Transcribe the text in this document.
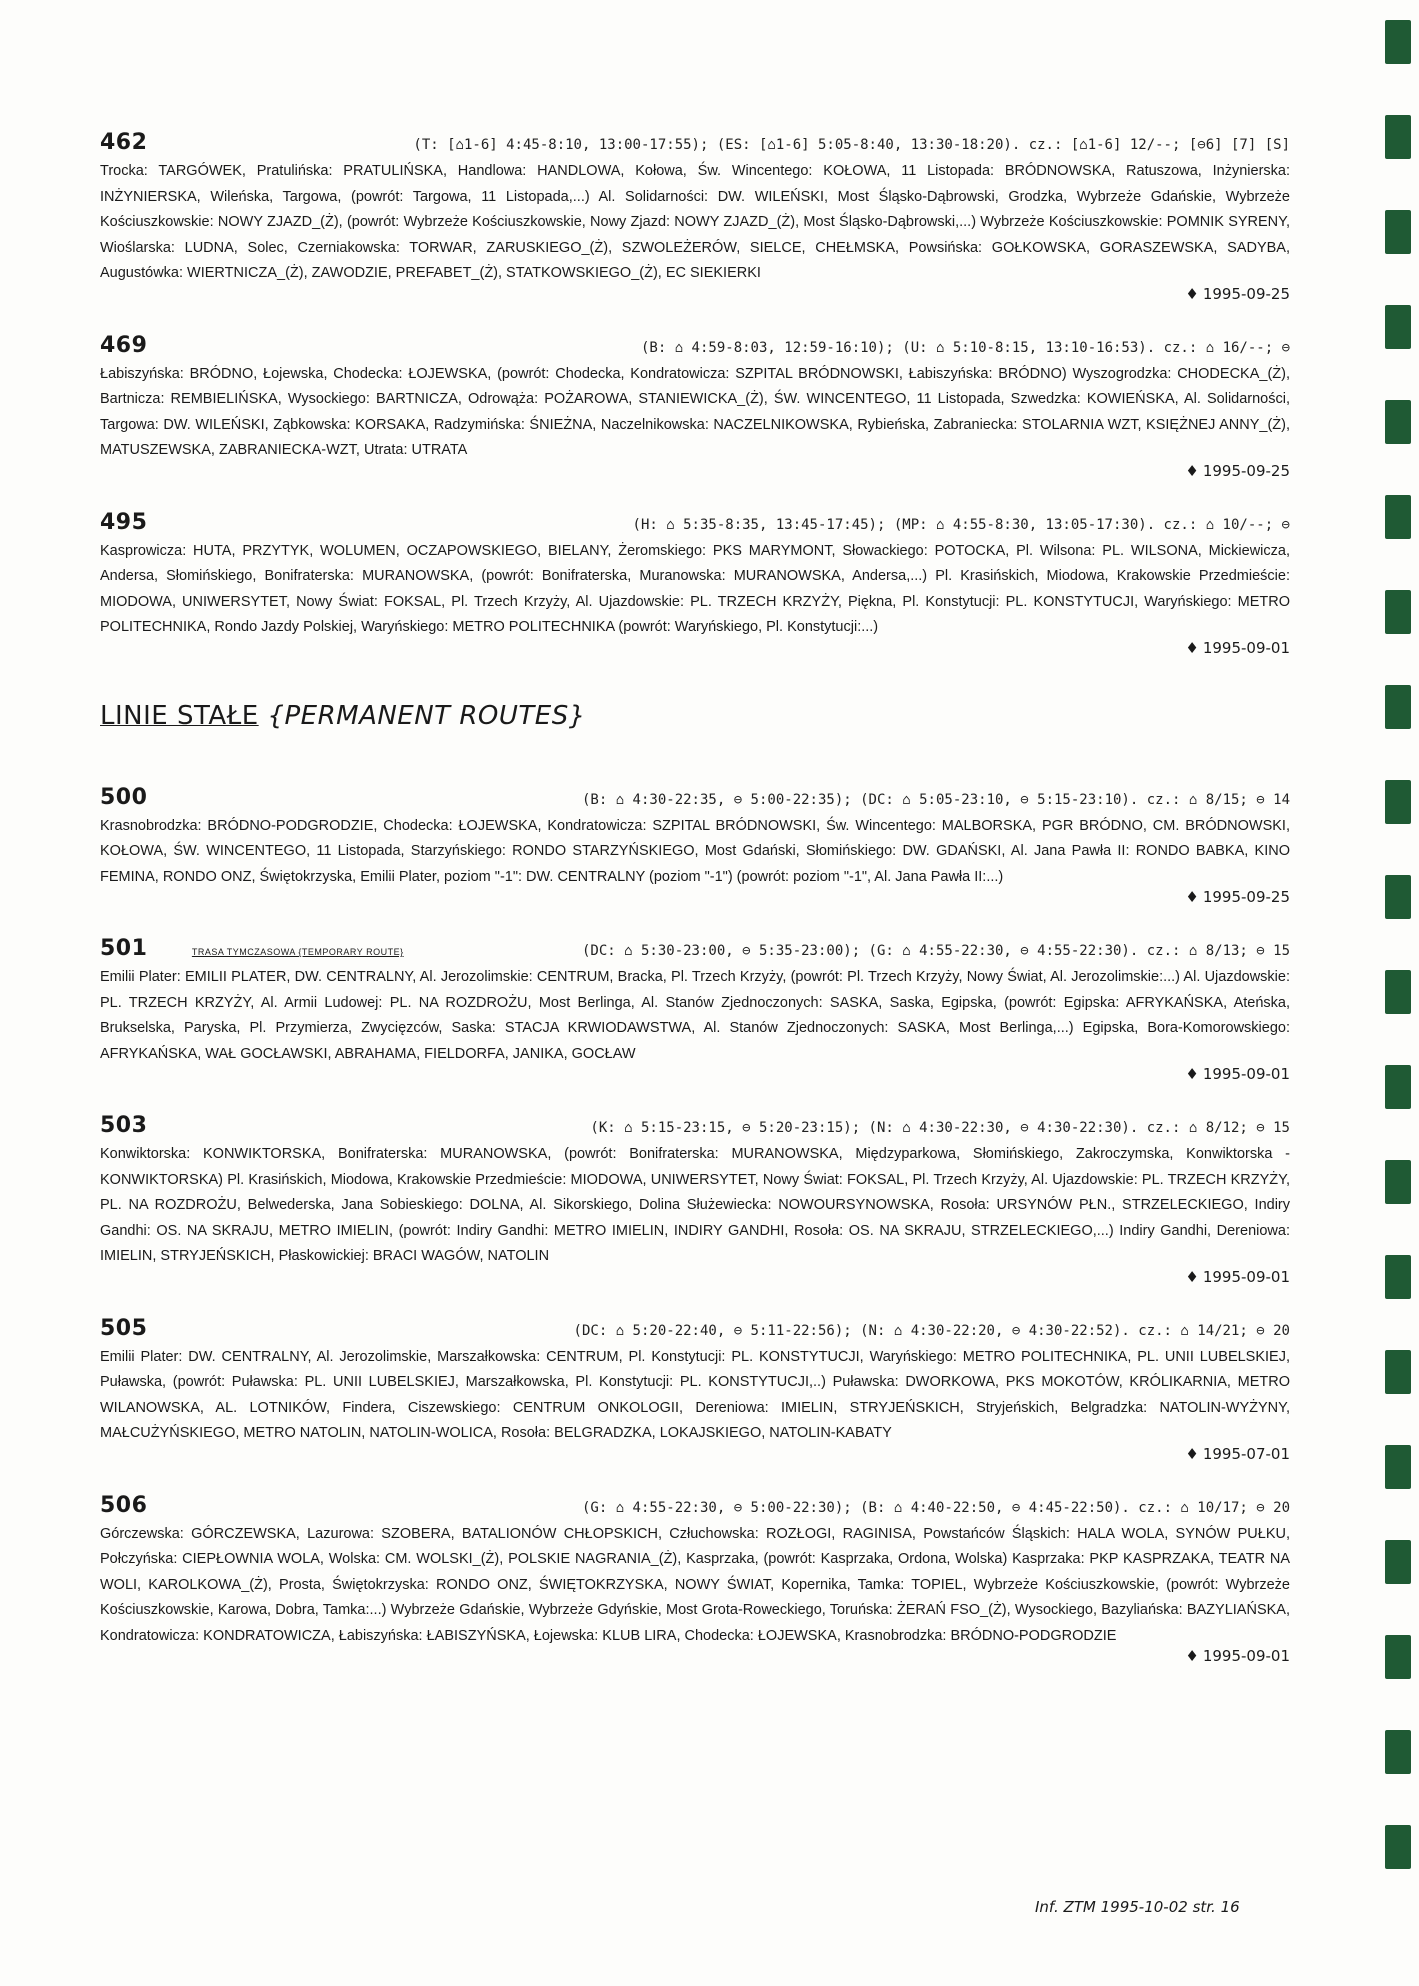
462	(T: [⌂1-6] 4:45-8:10, 13:00-17:55); (ES: [⌂1-6] 5:05-8:40, 13:30-18:20). cz.: [⌂1-6] 12/--; [⊖6] [7] [S]
Trocka: TARGÓWEK, Pratulińska: PRATULIŃSKA, Handlowa: HANDLOWA, Kołowa, Św. Wincentego: KOŁOWA, 11 Listopada: BRÓDNOWSKA, Ratuszowa, Inżynierska: INŻYNIERSKA, Wileńska, Targowa, (powrót: Targowa, 11 Listopada,...) Al. Solidarności: DW. WILEŃSKI, Most Śląsko-Dąbrowski, Grodzka, Wybrzeże Gdańskie, Wybrzeże Kościuszkowskie: NOWY ZJAZD_(Ż), (powrót: Wybrzeże Kościuszkowskie, Nowy Zjazd: NOWY ZJAZD_(Ż), Most Śląsko-Dąbrowski,...) Wybrzeże Kościuszkowskie: POMNIK SYRENY, Wioślarska: LUDNA, Solec, Czerniakowska: TORWAR, ZARUSKIEGO_(Ż), SZWOLEŻERÓW, SIELCE, CHEŁMSKA, Powsińska: GOŁKOWSKA, GORASZEWSKA, SADYBA, Augustówka: WIERTNICZA_(Ż), ZAWODZIE, PREFABET_(Ż), STATKOWSKIEGO_(Ż), EC SIEKIERKI
♦ 1995-09-25
469	(B: ⌂ 4:59-8:03, 12:59-16:10); (U: ⌂ 5:10-8:15, 13:10-16:53). cz.: ⌂ 16/--; ⊖
Łabiszyńska: BRÓDNO, Łojewska, Chodecka: ŁOJEWSKA, (powrót: Chodecka, Kondratowicza: SZPITAL BRÓDNOWSKI, Łabiszyńska: BRÓDNO) Wyszogrodzka: CHODECKA_(Ż), Bartnicza: REMBIELIŃSKA, Wysockiego: BARTNICZA, Odrowąża: POŻAROWA, STANIEWICKA_(Ż), ŚW. WINCENTEGO, 11 Listopada, Szwedzka: KOWIEŃSKA, Al. Solidarności, Targowa: DW. WILEŃSKI, Ząbkowska: KORSAKA, Radzymińska: ŚNIEŻNA, Naczelnikowska: NACZELNIKOWSKA, Rybieńska, Zabraniecka: STOLARNIA WZT, KSIĘŻNEJ ANNY_(Ż), MATUSZEWSKA, ZABRANIECKA-WZT, Utrata: UTRATA
♦ 1995-09-25
495	(H: ⌂ 5:35-8:35, 13:45-17:45); (MP: ⌂ 4:55-8:30, 13:05-17:30). cz.: ⌂ 10/--; ⊖
Kasprowicza: HUTA, PRZYTYK, WOLUMEN, OCZAPOWSKIEGO, BIELANY, Żeromskiego: PKS MARYMONT, Słowackiego: POTOCKA, Pl. Wilsona: PL. WILSONA, Mickiewicza, Andersa, Słomińskiego, Bonifraterska: MURANOWSKA, (powrót: Bonifraterska, Muranowska: MURANOWSKA, Andersa,...) Pl. Krasińskich, Miodowa, Krakowskie Przedmieście: MIODOWA, UNIWERSYTET, Nowy Świat: FOKSAL, Pl. Trzech Krzyży, Al. Ujazdowskie: PL. TRZECH KRZYŻY, Piękna, Pl. Konstytucji: PL. KONSTYTUCJI, Waryńskiego: METRO POLITECHNIKA, Rondo Jazdy Polskiej, Waryńskiego: METRO POLITECHNIKA (powrót: Waryńskiego, Pl. Konstytucji:...)
♦ 1995-09-01
LINIE STAŁE {PERMANENT ROUTES}
500	(B: ⌂ 4:30-22:35, ⊖ 5:00-22:35); (DC: ⌂ 5:05-23:10, ⊖ 5:15-23:10). cz.: ⌂ 8/15; ⊖ 14
Krasnobrodzka: BRÓDNO-PODGRODZIE, Chodecka: ŁOJEWSKA, Kondratowicza: SZPITAL BRÓDNOWSKI, Św. Wincentego: MALBORSKA, PGR BRÓDNO, CM. BRÓDNOWSKI, KOŁOWA, ŚW. WINCENTEGO, 11 Listopada, Starzyńskiego: RONDO STARZYŃSKIEGO, Most Gdański, Słomińskiego: DW. GDAŃSKI, Al. Jana Pawła II: RONDO BABKA, KINO FEMINA, RONDO ONZ, Świętokrzyska, Emilii Plater, poziom "-1": DW. CENTRALNY (poziom "-1") (powrót: poziom "-1", Al. Jana Pawła II:...)
♦ 1995-09-25
501	TRASA TYMCZASOWA {TEMPORARY ROUTE}	(DC: ⌂ 5:30-23:00, ⊖ 5:35-23:00); (G: ⌂ 4:55-22:30, ⊖ 4:55-22:30). cz.: ⌂ 8/13; ⊖ 15
Emilii Plater: EMILII PLATER, DW. CENTRALNY, Al. Jerozolimskie: CENTRUM, Bracka, Pl. Trzech Krzyży, (powrót: Pl. Trzech Krzyży, Nowy Świat, Al. Jerozolimskie:...) Al. Ujazdowskie: PL. TRZECH KRZYŻY, Al. Armii Ludowej: PL. NA ROZDROŻU, Most Berlinga, Al. Stanów Zjednoczonych: SASKA, Saska, Egipska, (powrót: Egipska: AFRYKAŃSKA, Ateńska, Brukselska, Paryska, Pl. Przymierza, Zwycięzców, Saska: STACJA KRWIODAWSTWA, Al. Stanów Zjednoczonych: SASKA, Most Berlinga,...) Egipska, Bora-Komorowskiego: AFRYKAŃSKA, WAŁ GOCŁAWSKI, ABRAHAMA, FIELDORFA, JANIKA, GOCŁAW
♦ 1995-09-01
503	(K: ⌂ 5:15-23:15, ⊖ 5:20-23:15); (N: ⌂ 4:30-22:30, ⊖ 4:30-22:30). cz.: ⌂ 8/12; ⊖ 15
Konwiktorska: KONWIKTORSKA, Bonifraterska: MURANOWSKA, (powrót: Bonifraterska: MURANOWSKA, Międzyparkowa, Słomińskiego, Zakroczymska, Konwiktorska - KONWIKTORSKA) Pl. Krasińskich, Miodowa, Krakowskie Przedmieście: MIODOWA, UNIWERSYTET, Nowy Świat: FOKSAL, Pl. Trzech Krzyży, Al. Ujazdowskie: PL. TRZECH KRZYŻY, PL. NA ROZDROŻU, Belwederska, Jana Sobieskiego: DOLNA, Al. Sikorskiego, Dolina Służewiecka: NOWOURSYNOWSKA, Rosoła: URSYNÓW PŁN., STRZELECKIEGO, Indiry Gandhi: OS. NA SKRAJU, METRO IMIELIN, (powrót: Indiry Gandhi: METRO IMIELIN, INDIRY GANDHI, Rosoła: OS. NA SKRAJU, STRZELECKIEGO,...) Indiry Gandhi, Dereniowa: IMIELIN, STRYJEŃSKICH, Płaskowickiej: BRACI WAGÓW, NATOLIN
♦ 1995-09-01
505	(DC: ⌂ 5:20-22:40, ⊖ 5:11-22:56); (N: ⌂ 4:30-22:20, ⊖ 4:30-22:52). cz.: ⌂ 14/21; ⊖ 20
Emilii Plater: DW. CENTRALNY, Al. Jerozolimskie, Marszałkowska: CENTRUM, Pl. Konstytucji: PL. KONSTYTUCJI, Waryńskiego: METRO POLITECHNIKA, PL. UNII LUBELSKIEJ, Puławska, (powrót: Puławska: PL. UNII LUBELSKIEJ, Marszałkowska, Pl. Konstytucji: PL. KONSTYTUCJI,..) Puławska: DWORKOWA, PKS MOKOTÓW, KRÓLIKARNIA, METRO WILANOWSKA, AL. LOTNIKÓW, Findera, Ciszewskiego: CENTRUM ONKOLOGII, Dereniowa: IMIELIN, STRYJEŃSKICH, Stryjeńskich, Belgradzka: NATOLIN-WYŻYNY, MAŁCUŻYŃSKIEGO, METRO NATOLIN, NATOLIN-WOLICA, Rosoła: BELGRADZKA, LOKAJSKIEGO, NATOLIN-KABATY
♦ 1995-07-01
506	(G: ⌂ 4:55-22:30, ⊖ 5:00-22:30); (B: ⌂ 4:40-22:50, ⊖ 4:45-22:50). cz.: ⌂ 10/17; ⊖ 20
Górczewska: GÓRCZEWSKA, Lazurowa: SZOBERA, BATALIONÓW CHŁOPSKICH, Człuchowska: ROZŁOGI, RAGINISA, Powstańców Śląskich: HALA WOLA, SYNÓW PUŁKU, Połczyńska: CIEPŁOWNIA WOLA, Wolska: CM. WOLSKI_(Ż), POLSKIE NAGRANIA_(Ż), Kasprzaka, (powrót: Kasprzaka, Ordona, Wolska) Kasprzaka: PKP KASPRZAKA, TEATR NA WOLI, KAROLKOWA_(Ż), Prosta, Świętokrzyska: RONDO ONZ, ŚWIĘTOKRZYSKA, NOWY ŚWIAT, Kopernika, Tamka: TOPIEL, Wybrzeże Kościuszkowskie, (powrót: Wybrzeże Kościuszkowskie, Karowa, Dobra, Tamka:...) Wybrzeże Gdańskie, Wybrzeże Gdyńskie, Most Grota-Roweckiego, Toruńska: ŻERAŃ FSO_(Ż), Wysockiego, Bazyliańska: BAZYLIAŃSKA, Kondratowicza: KONDRATOWICZA, Łabiszyńska: ŁABISZYŃSKA, Łojewska: KLUB LIRA, Chodecka: ŁOJEWSKA, Krasnobrodzka: BRÓDNO-PODGRODZIE
♦ 1995-09-01
Inf. ZTM 1995-10-02 str. 16
